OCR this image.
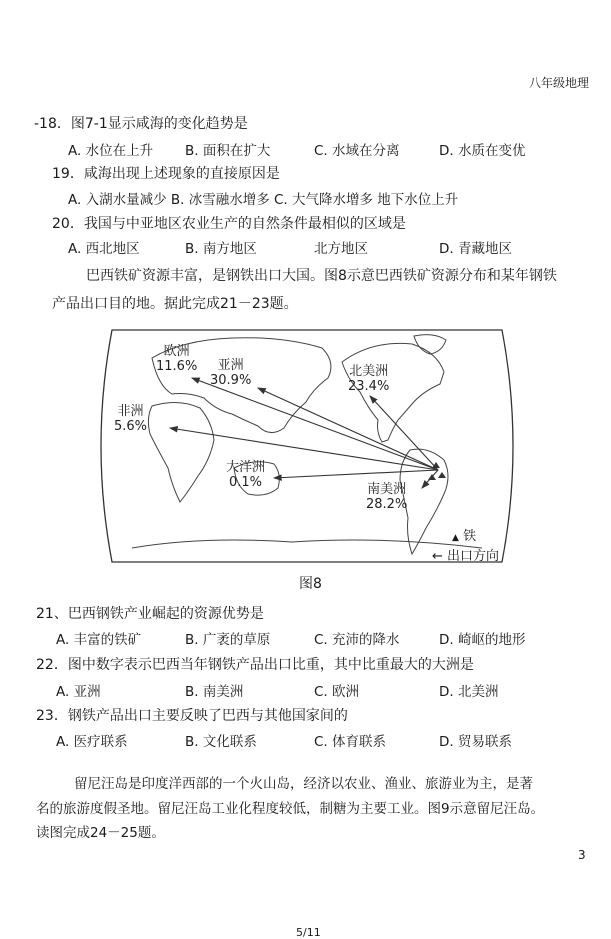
八年级地理
-18．图7-1显示咸海的变化趋势是
A. 水位在上升 B. 面积在扩大	C. 水域在分离	D. 水质在变优
19．咸海出现上述现象的直接原因是
A. 入湖水量减少 B. 冰雪融水增多 C. 大气降水增多 地下水位上升
20．我国与中亚地区农业生产的自然条件最相似的区域是
A. 西北地区	B. 南方地区	北方地区	D. 青藏地区
巴西铁矿资源丰富，是钢铁出口大国。图8示意巴西铁矿资源分布和某年钢铁
产品出口目的地。据此完成21－23题。
欧洲
11.6%	亚洲
30.9%
北美洲
23.4%
非洲
5.6%
大洋洲
0.1%	南美洲
28.2%
▲ 铁
← 出口方向
图8
21、巴西钢铁产业崛起的资源优势是
A. 丰富的铁矿	B. 广袤的草原	C. 充沛的降水	D. 崎岖的地形
22．图中数字表示巴西当年钢铁产品出口比重，其中比重最大的大洲是
A. 亚洲	B. 南美洲	C. 欧洲	D. 北美洲
23．钢铁产品出口主要反映了巴西与其他国家间的
A. 医疗联系	B. 文化联系	C. 体育联系	D. 贸易联系
留尼汪岛是印度洋西部的一个火山岛，经济以农业、渔业、旅游业为主，是著
名的旅游度假圣地。留尼汪岛工业化程度较低，制糖为主要工业。图9示意留尼汪岛。
读图完成24－25题。
3
5/11
